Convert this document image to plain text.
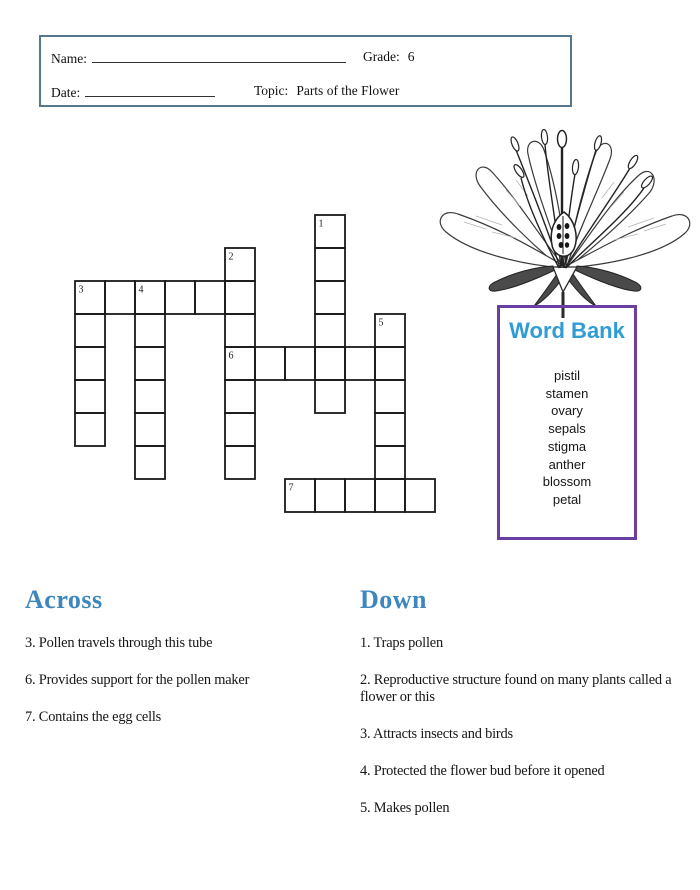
Name:	Grade: 6
Date:	Topic: Parts of the Flower
1
2
6
3	4
5
7
Word Bank
pistil
stamen
ovary
sepals
stigma
anther
blossom
petal
Across
3. Pollen travels through this tube
6. Provides support for the pollen maker
7. Contains the egg cells
Down
1. Traps pollen
2. Reproductive structure found on many plants called a flower or this
3. Attracts insects and birds
4. Protected the flower bud before it opened
5. Makes pollen
